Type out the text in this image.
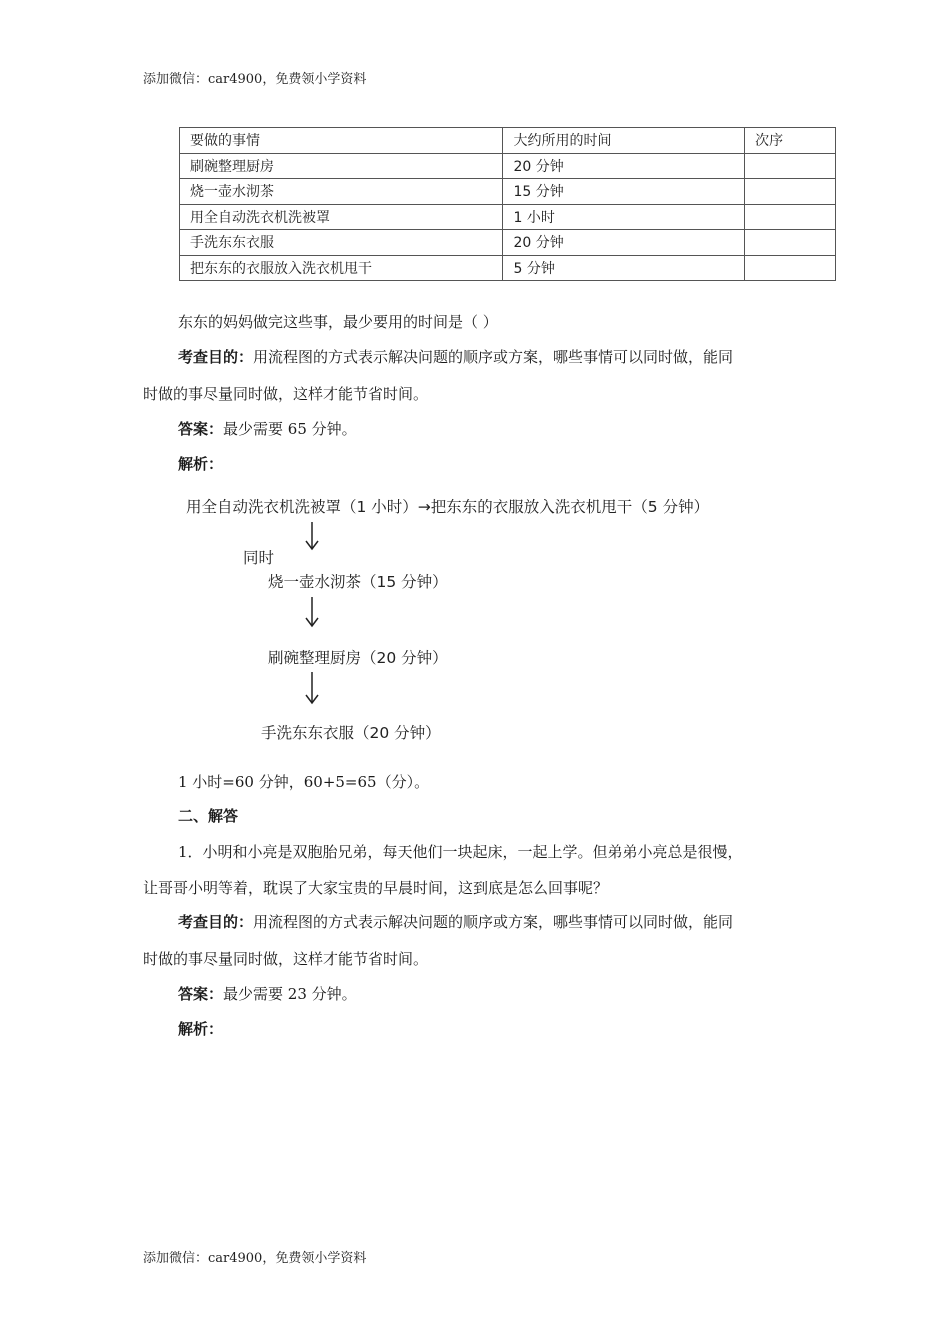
添加微信：car4900，免费领小学资料
要做的事情	大约所用的时间	次序
刷碗整理厨房	20 分钟	
烧一壶水沏茶	15 分钟	
用全自动洗衣机洗被罩	1 小时	
手洗东东衣服	20 分钟	
把东东的衣服放入洗衣机甩干	5 分钟	
东东的妈妈做完这些事，最少要用的时间是（ ）
考查目的：用流程图的方式表示解决问题的顺序或方案，哪些事情可以同时做，能同
时做的事尽量同时做，这样才能节省时间。
答案：最少需要 65 分钟。
解析：
用全自动洗衣机洗被罩（1 小时）→把东东的衣服放入洗衣机甩干（5 分钟）
同时
烧一壶水沏茶（15 分钟）
刷碗整理厨房（20 分钟）
手洗东东衣服（20 分钟）
1 小时=60 分钟，60+5=65（分）。
二、解答
1．小明和小亮是双胞胎兄弟，每天他们一块起床，一起上学。但弟弟小亮总是很慢，
让哥哥小明等着，耽误了大家宝贵的早晨时间，这到底是怎么回事呢？
考查目的：用流程图的方式表示解决问题的顺序或方案，哪些事情可以同时做，能同
时做的事尽量同时做，这样才能节省时间。
答案：最少需要 23 分钟。
解析：
添加微信：car4900，免费领小学资料
